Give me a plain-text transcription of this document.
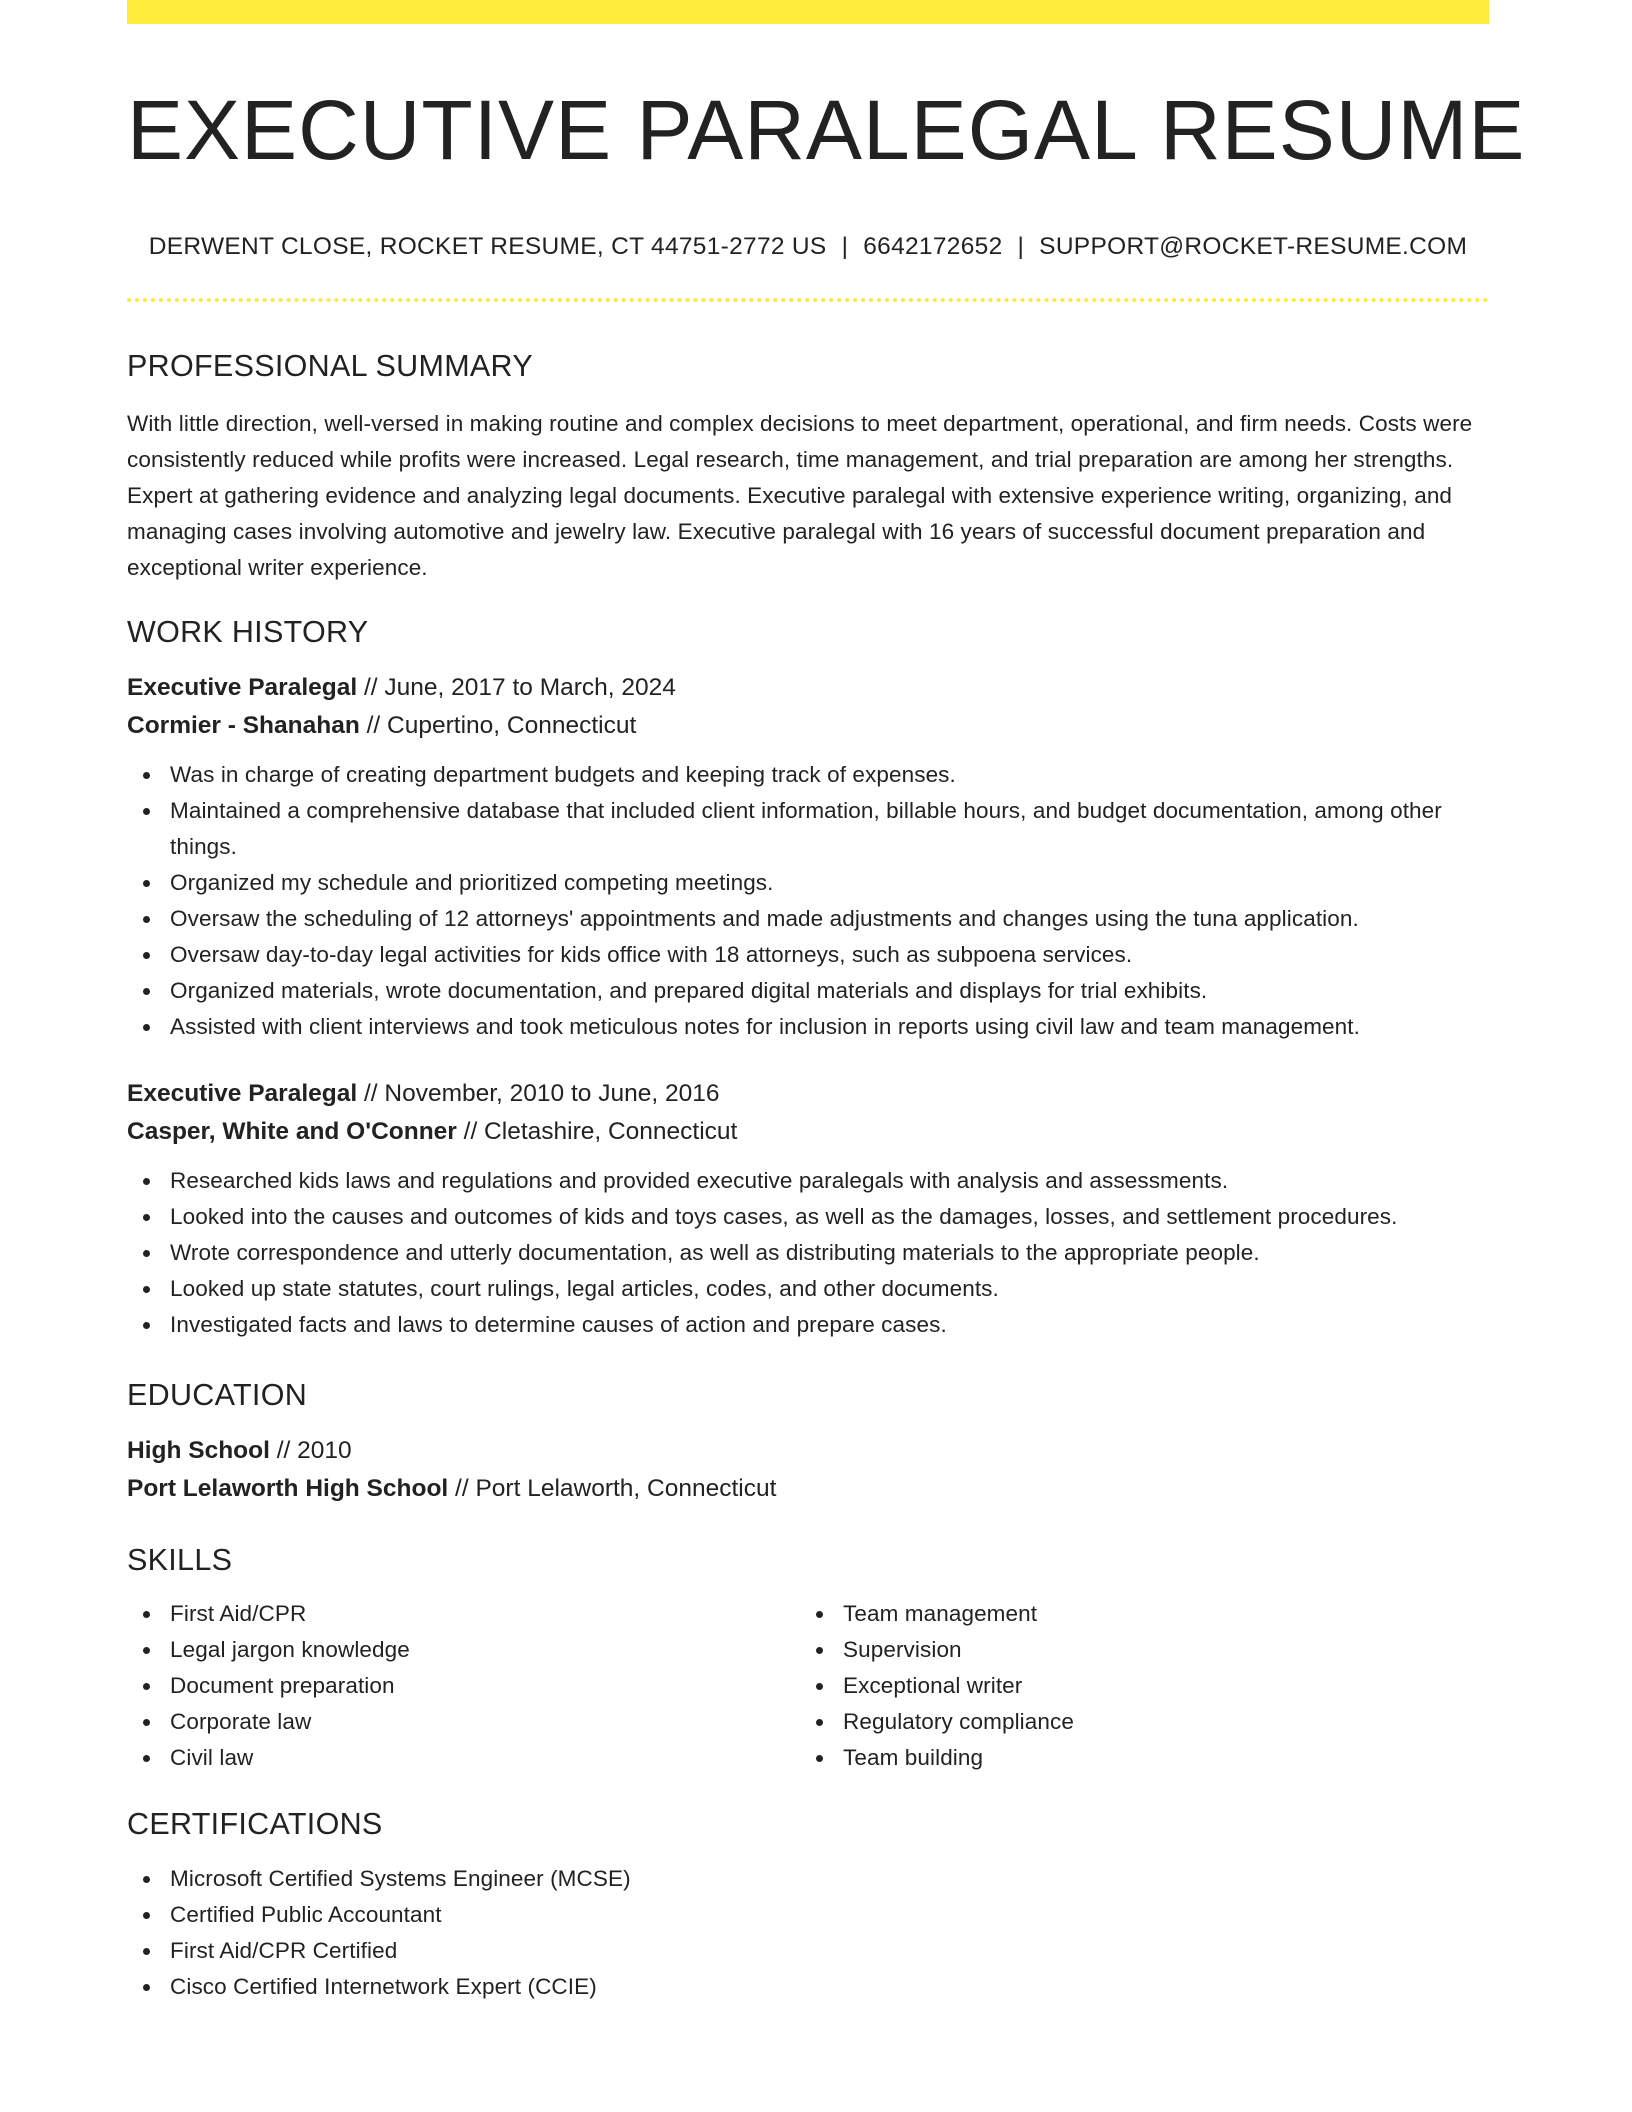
EXECUTIVE PARALEGAL RESUME
DERWENT CLOSE, ROCKET RESUME, CT 44751-2772 US | 6642172652 | SUPPORT@ROCKET-RESUME.COM
PROFESSIONAL SUMMARY

With little direction, well-versed in making routine and complex decisions to meet department, operational, and firm needs. Costs were consistently reduced while profits were increased. Legal research, time management, and trial preparation are among her strengths. Expert at gathering evidence and analyzing legal documents. Executive paralegal with extensive experience writing, organizing, and managing cases involving automotive and jewelry law. Executive paralegal with 16 years of successful document preparation and exceptional writer experience.

WORK HISTORY
Executive Paralegal // June, 2017 to March, 2024
Cormier - Shanahan // Cupertino, Connecticut
Was in charge of creating department budgets and keeping track of expenses.
Maintained a comprehensive database that included client information, billable hours, and budget documentation, among other things.
Organized my schedule and prioritized competing meetings.
Oversaw the scheduling of 12 attorneys' appointments and made adjustments and changes using the tuna application.
Oversaw day-to-day legal activities for kids office with 18 attorneys, such as subpoena services.
Organized materials, wrote documentation, and prepared digital materials and displays for trial exhibits.
Assisted with client interviews and took meticulous notes for inclusion in reports using civil law and team management.
Executive Paralegal // November, 2010 to June, 2016
Casper, White and O'Conner // Cletashire, Connecticut
Researched kids laws and regulations and provided executive paralegals with analysis and assessments.
Looked into the causes and outcomes of kids and toys cases, as well as the damages, losses, and settlement procedures.
Wrote correspondence and utterly documentation, as well as distributing materials to the appropriate people.
Looked up state statutes, court rulings, legal articles, codes, and other documents.
Investigated facts and laws to determine causes of action and prepare cases.
EDUCATION
High School // 2010
Port Lelaworth High School // Port Lelaworth, Connecticut
SKILLS
First Aid/CPR
Legal jargon knowledge
Document preparation
Corporate law
Civil law
Team management
Supervision
Exceptional writer
Regulatory compliance
Team building
CERTIFICATIONS
Microsoft Certified Systems Engineer (MCSE)
Certified Public Accountant
First Aid/CPR Certified
Cisco Certified Internetwork Expert (CCIE)
